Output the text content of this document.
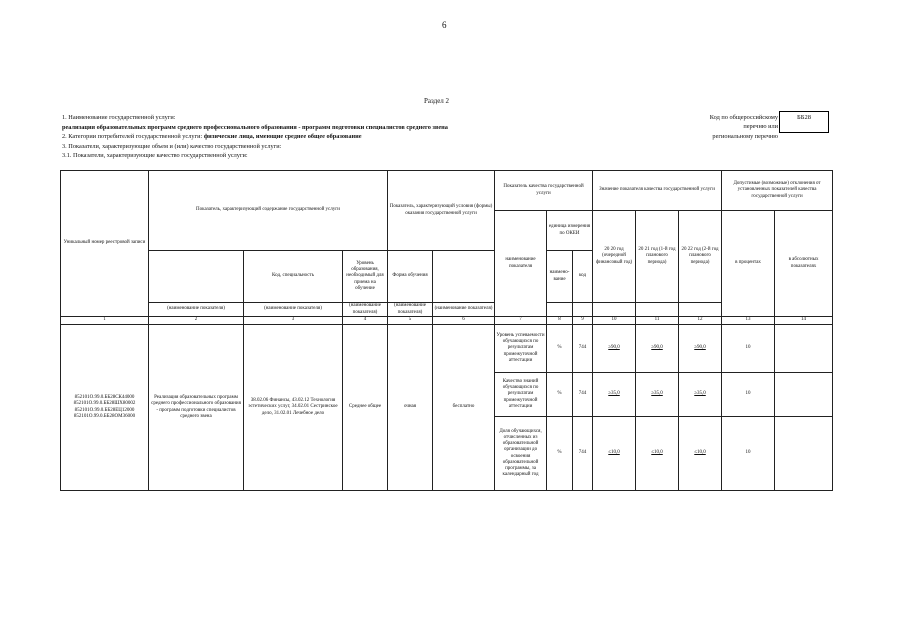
6
Раздел 2
1. Наименование государственной услуги:
реализация образовательных программ среднего профессионального образования - программ подготовки специалистов среднего звена
2. Категории потребителей государственной услуги: физические лица, имеющие среднее общее образование
3. Показатели, характеризующие объем и (или) качество государственной услуги:
3.1. Показатели, характеризующие качество государственной услуги:
Код по общероссийскому
перечню или
региональному перечню
ББ28
Уникальный номер реестровой записи	Показатель, характеризующий содержание государственной услуги			Показатель, характеризующий условия (формы) оказания государственной услуги		Показатель качества государственной услуги			Значение показателя качества государственной услуги			Допустимые (возможные) отклонения от установленных показателей качества государственной услуги	
						наименование показателя	единица измерения по ОКЕИ		20 20 год (очередной финансовый год)	20 21 год (1-й год планового периода)	20 22 год (2-й год планового периода)	в процентах	в абсолютных показателях
		Код, специальность	Уровень образования, необходимый для приема на обучение	Форма обучения			наимено-вание	код					
	(наименование показателя)	(наименование показателя)	(наименование показателя)	(наименование показателя)	(наименование показателя)								
1	2	3	4	5	6	7	8	9	10	11	12	13	14
852101О.99.0.ББ28СК44000
852101О.99.0.ББ28ШХ80002
852101О.99.0.ББ28ЕЦ12000
852101О.99.0.ББ28ОМ36000	Реализация образовательных программ среднего профессионального образования - программ подготовки специалистов среднего звена	38.02.06 Финансы, 43.02.12 Технология эстетических услуг, 34.02.01 Сестринское дело, 31.02.01 Лечебное дело	Среднее общее	очная	бесплатно	Уровень успеваемости обучающихся по результатам промежуточной аттестации	%	744	≥90,0	≥90,0	≥90,0	10	
						Качество знаний обучающихся по результатам промежуточной аттестации	%	744	≥35,0	≥35,0	≥35,0	10	
						Доля обучающихся, отчисленных из образовательной организации до освоения образовательной программы, за календарный год	%	744	≤10,0	≤10,0	≤10,0	10	
